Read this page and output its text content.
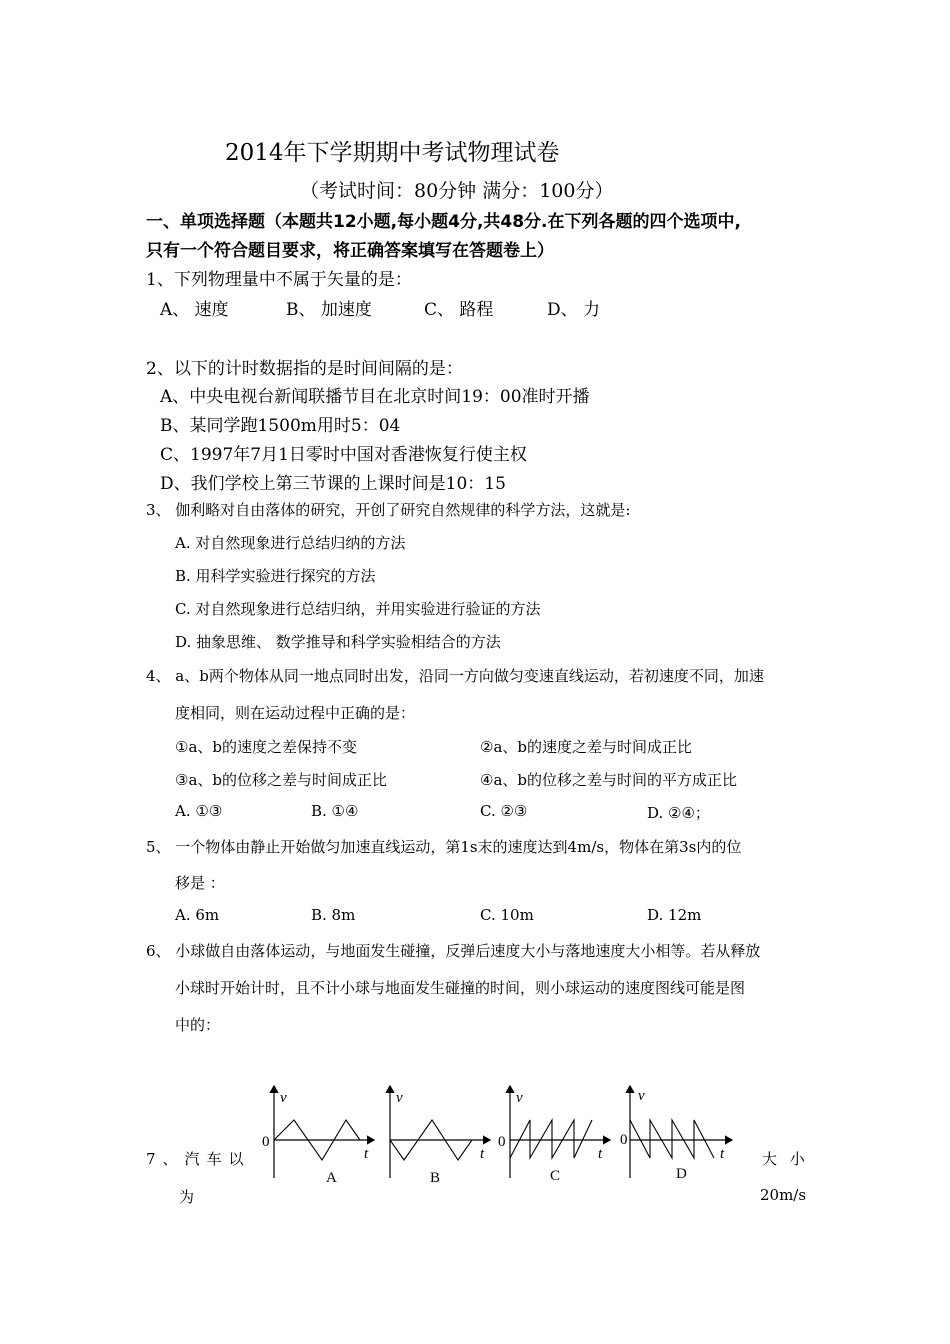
2014年下学期期中考试物理试卷
（考试时间：80分钟 满分：100分）
一、单项选择题（本题共12小题,每小题4分,共48分.在下列各题的四个选项中,
只有一个符合题目要求，将正确答案填写在答题卷上）
1、下列物理量中不属于矢量的是：
A、 速度	B、 加速度	C、 路程	D、 力
2、以下的计时数据指的是时间间隔的是：
A、中央电视台新闻联播节目在北京时间19：00准时开播
B、某同学跑1500m用时5：04
C、1997年7月1日零时中国对香港恢复行使主权
D、我们学校上第三节课的上课时间是10：15
3、 伽利略对自由落体的研究，开创了研究自然规律的科学方法，这就是:
A. 对自然现象进行总结归纳的方法
B. 用科学实验进行探究的方法
C. 对自然现象进行总结归纳，并用实验进行验证的方法
D. 抽象思维、 数学推导和科学实验相结合的方法
4、 a、b两个物体从同一地点同时出发，沿同一方向做匀变速直线运动，若初速度不同，加速
度相同，则在运动过程中正确的是：
①a、b的速度之差保持不变	②a、b的速度之差与时间成正比
③a、b的位移之差与时间成正比	④a、b的位移之差与时间的平方成正比
A. ①③	B. ①④	C. ②③	D. ②④；
5、 一个物体由静止开始做匀加速直线运动，第1s末的速度达到4m/s，物体在第3s内的位
移是 ：
A. 6m	B. 8m	C. 10m	D. 12m
6、 小球做自由落体运动，与地面发生碰撞，反弹后速度大小与落地速度大小相等。若从释放
小球时开始计时，且不计小球与地面发生碰撞的时间，则小球运动的速度图线可能是图
中的：
v
0
t
A
v
t
B
v
0
t
C
v
0
t
D
7、汽车以
为
大 小
20m/s
